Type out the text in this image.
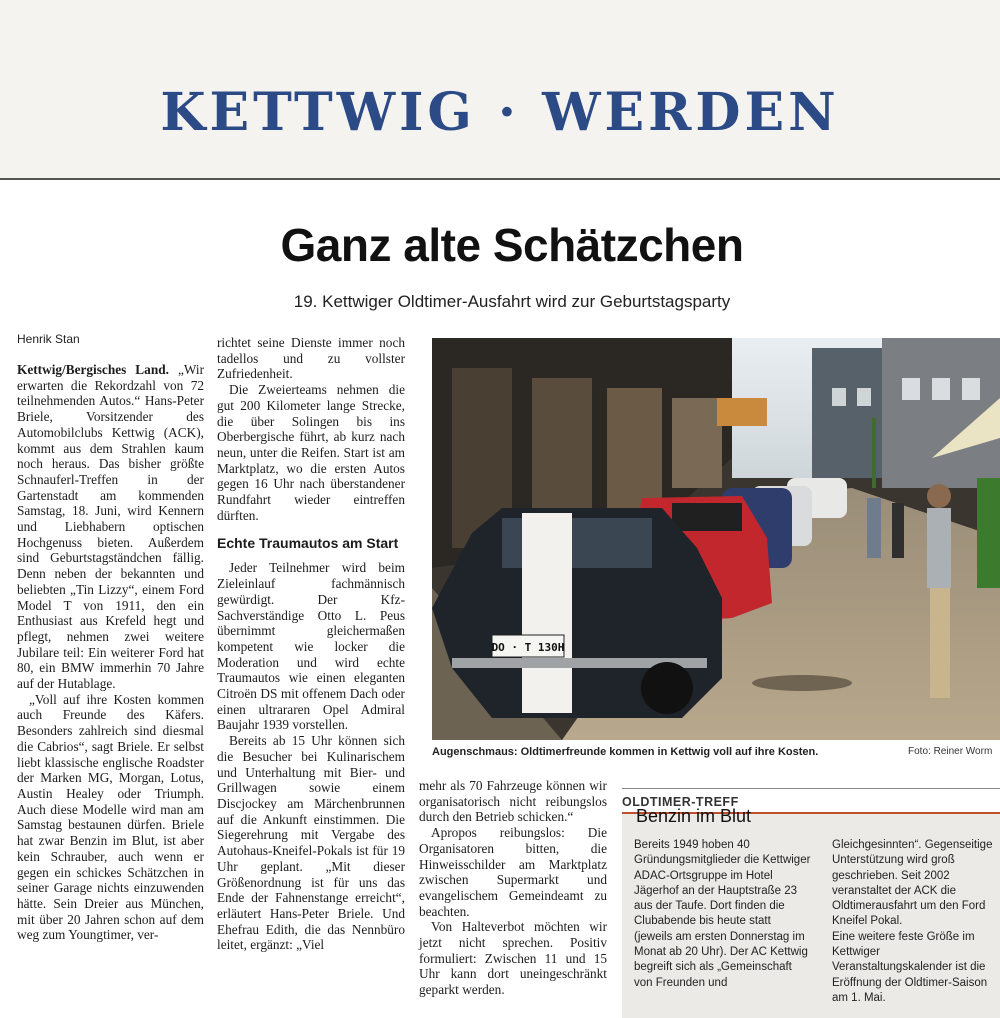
KETTWIG · WERDEN
Ganz alte Schätzchen
19. Kettwiger Oldtimer-Ausfahrt wird zur Geburtstagsparty
Henrik Stan

Kettwig/Bergisches Land. „Wir erwarten die Rekordzahl von 72 teilnehmenden Autos.“ Hans-Peter Briele, Vorsitzender des Automobilclubs Kettwig (ACK), kommt aus dem Strahlen kaum noch heraus. Das bisher größte Schnauferl-Treffen in der Gartenstadt am kommenden Samstag, 18. Juni, wird Kennern und Liebhabern optischen Hochgenuss bieten. Außerdem sind Geburtstagständchen fällig. Denn neben der bekannten und beliebten „Tin Lizzy“, einem Ford Model T von 1911, den ein Enthusiast aus Krefeld hegt und pflegt, nehmen zwei weitere Jubilare teil: Ein weiterer Ford hat 80, ein BMW immerhin 70 Jahre auf der Hutablage.

„Voll auf ihre Kosten kommen auch Freunde des Käfers. Besonders zahlreich sind diesmal die Cabrios“, sagt Briele. Er selbst liebt klassische englische Roadster der Marken MG, Morgan, Lotus, Austin Healey oder Triumph. Auch diese Modelle wird man am Samstag bestaunen dürfen. Briele hat zwar Benzin im Blut, ist aber kein Schrauber, auch wenn er gegen ein schickes Schätzchen in seiner Garage nichts einzuwenden hätte. Sein Dreier aus München, mit über 20 Jahren schon auf dem weg zum Youngtimer, ver-

richtet seine Dienste immer noch tadellos und zu vollster Zufriedenheit.

Die Zweierteams nehmen die gut 200 Kilometer lange Strecke, die über Solingen bis ins Oberbergische führt, ab kurz nach neun, unter die Reifen. Start ist am Marktplatz, wo die ersten Autos gegen 16 Uhr nach überstandener Rundfahrt wieder eintreffen dürften.

Echte Traumautos am Start

Jeder Teilnehmer wird beim Zieleinlauf fachmännisch gewürdigt. Der Kfz-Sachverständige Otto L. Peus übernimmt gleichermaßen kompetent wie locker die Moderation und wird echte Traumautos wie einen eleganten Citroën DS mit offenem Dach oder einen ultrararen Opel Admiral Baujahr 1939 vorstellen.

Bereits ab 15 Uhr können sich die Besucher bei Kulinarischem und Unterhaltung mit Bier- und Grillwagen sowie einem Discjockey am Märchenbrunnen auf die Ankunft einstimmen. Die Siegerehrung mit Vergabe des Autohaus-Kneifel-Pokals ist für 19 Uhr geplant. „Mit dieser Größenordnung ist für uns das Ende der Fahnenstange erreicht“, erläutert Hans-Peter Briele. Und Ehefrau Edith, die das Nennbüro leitet, ergänzt: „Viel

mehr als 70 Fahrzeuge können wir organisatorisch nicht reibungslos durch den Betrieb schicken.“

Apropos reibungslos: Die Organisatoren bitten, die Hinweisschilder am Marktplatz zwischen Supermarkt und evangelischem Gemeindeamt zu beachten.

Von Halteverbot möchten wir jetzt nicht sprechen. Positiv formuliert: Zwischen 11 und 15 Uhr kann dort uneingeschränkt geparkt werden.

DO · T 130H
Augenschmaus: Oldtimerfreunde kommen in Kettwig voll auf ihre Kosten.	Foto: Reiner Worm
OLDTIMER-TREFF
Benzin im Blut
Bereits 1949 hoben 40 Gründungsmitglieder die Kettwiger ADAC-Ortsgruppe im Hotel Jägerhof an der Hauptstraße 23 aus der Taufe. Dort finden die Clubabende bis heute statt (jeweils am ersten Donnerstag im Monat ab 20 Uhr). Der AC Kettwig begreift sich als „Gemeinschaft von Freunden und
Gleichgesinnten“. Gegenseitige Unterstützung wird groß geschrieben. Seit 2002 veranstaltet der ACK die Oldtimerausfahrt um den Ford Kneifel Pokal.
Eine weitere feste Größe im Kettwiger Veranstaltungskalender ist die Eröffnung der Oldtimer-Saison am 1. Mai.
